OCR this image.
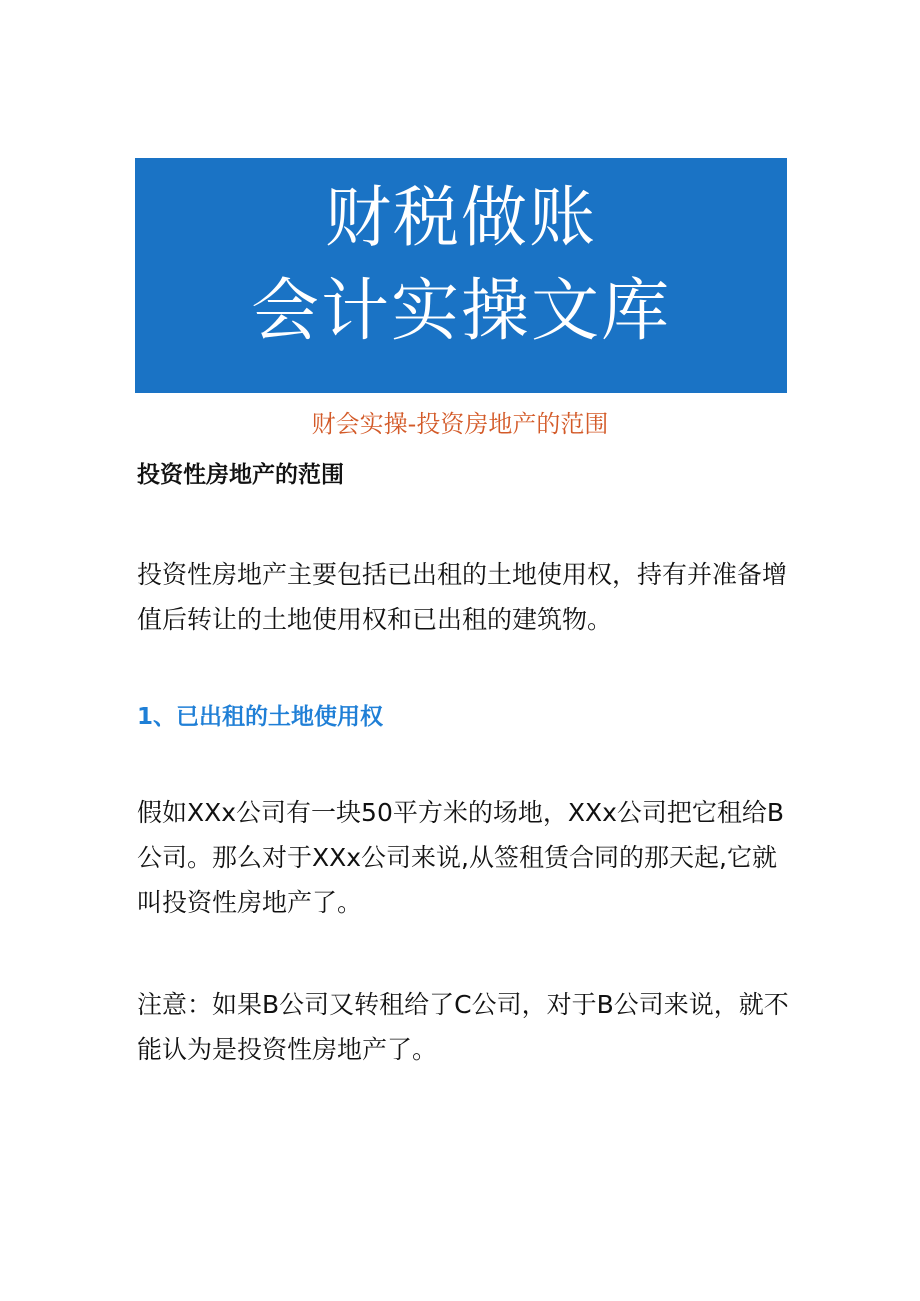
财税做账
会计实操文库
财会实操-投资房地产的范围
投资性房地产的范围

投资性房地产主要包括已出租的土地使用权，持有并准备增
值后转让的土地使用权和已出租的建筑物。

1、已出租的土地使用权

假如XXx公司有一块50平方米的场地，XXx公司把它租给B
公司。那么对于XXx公司来说,从签租赁合同的那天起,它就
叫投资性房地产了。

注意：如果B公司又转租给了C公司，对于B公司来说，就不
能认为是投资性房地产了。
